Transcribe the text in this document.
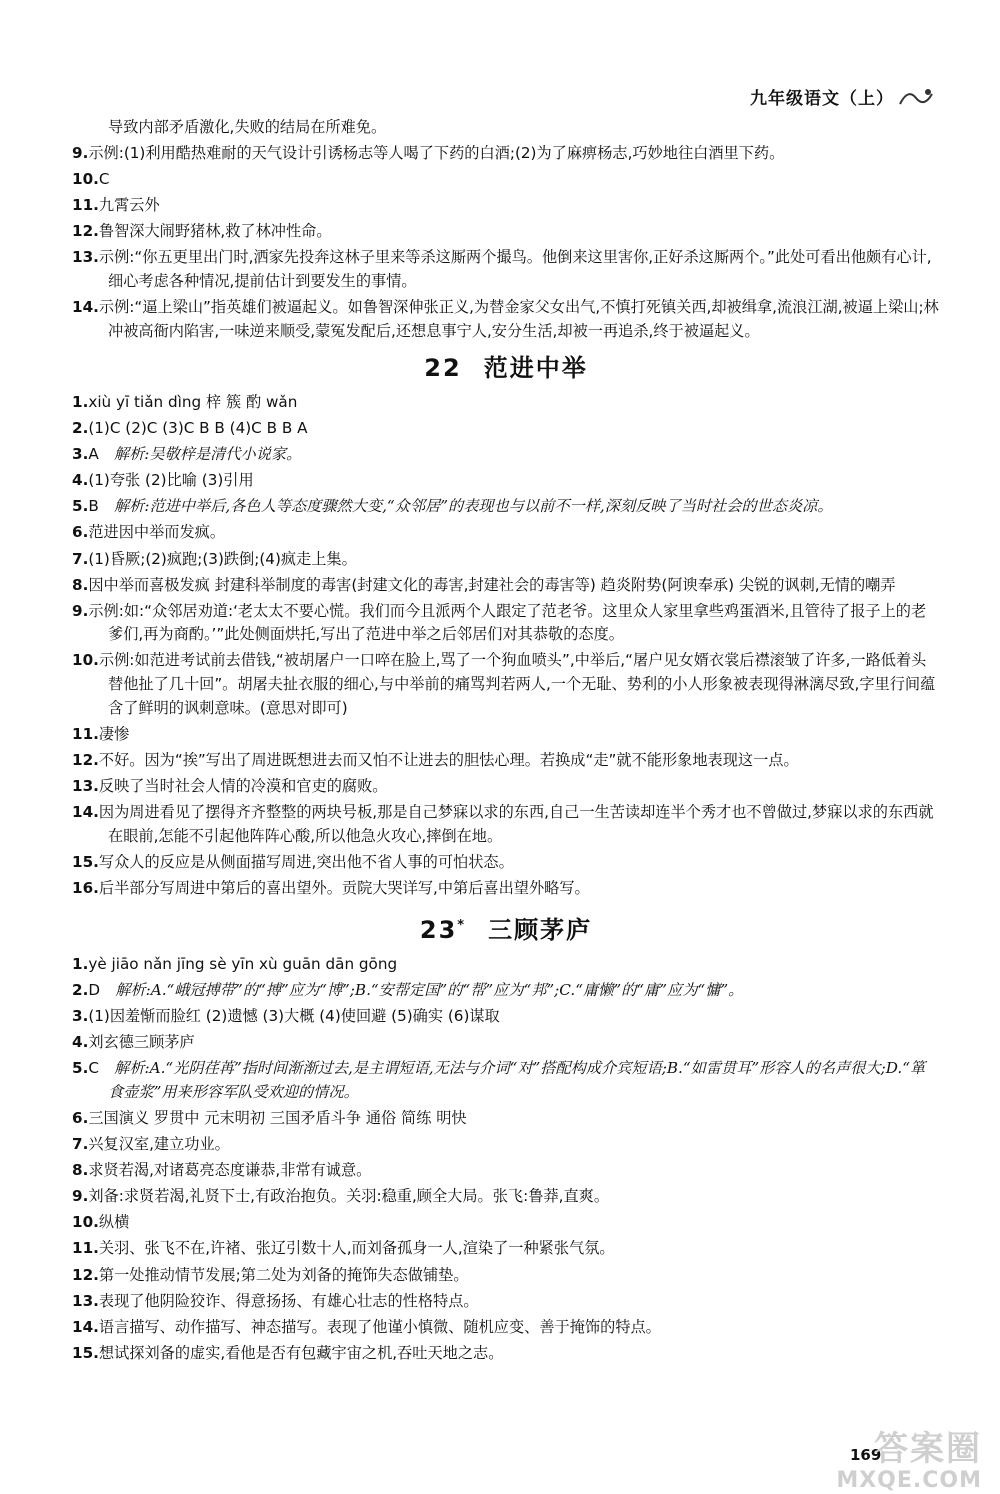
九年级语文（上）
导致内部矛盾激化,失败的结局在所难免。
9.示例:(1)利用酷热难耐的天气设计引诱杨志等人喝了下药的白酒;(2)为了麻痹杨志,巧妙地往白酒里下药。
10.C
11.九霄云外
12.鲁智深大闹野猪林,救了林冲性命。
13.示例:“你五更里出门时,洒家先投奔这林子里来等杀这厮两个撮鸟。他倒来这里害你,正好杀这厮两个。”此处可看出他颇有心计,细心考虑各种情况,提前估计到要发生的事情。
14.示例:“逼上梁山”指英雄们被逼起义。如鲁智深伸张正义,为替金家父女出气,不慎打死镇关西,却被缉拿,流浪江湖,被逼上梁山;林冲被高衙内陷害,一味逆来顺受,蒙冤发配后,还想息事宁人,安分生活,却被一再追杀,终于被逼起义。
22 范进中举
1.xiù yī tiǎn dìng 梓 簇 酌 wǎn
2.(1)C (2)C (3)C B B (4)C B B A
3.A  解析:吴敬梓是清代小说家。
4.(1)夸张 (2)比喻 (3)引用
5.B  解析:范进中举后,各色人等态度骤然大变,“众邻居”的表现也与以前不一样,深刻反映了当时社会的世态炎凉。
6.范进因中举而发疯。
7.(1)昏厥;(2)疯跑;(3)跌倒;(4)疯走上集。
8.因中举而喜极发疯 封建科举制度的毒害(封建文化的毒害,封建社会的毒害等) 趋炎附势(阿谀奉承) 尖锐的讽刺,无情的嘲弄
9.示例:如:“众邻居劝道:‘老太太不要心慌。我们而今且派两个人跟定了范老爷。这里众人家里拿些鸡蛋酒米,且管待了报子上的老爹们,再为商酌。’”此处侧面烘托,写出了范进中举之后邻居们对其恭敬的态度。
10.示例:如范进考试前去借钱,“被胡屠户一口啐在脸上,骂了一个狗血喷头”,中举后,“屠户见女婿衣裳后襟滚皱了许多,一路低着头替他扯了几十回”。胡屠夫扯衣服的细心,与中举前的痛骂判若两人,一个无耻、势利的小人形象被表现得淋漓尽致,字里行间蕴含了鲜明的讽刺意味。(意思对即可)
11.凄惨
12.不好。因为“挨”写出了周进既想进去而又怕不让进去的胆怯心理。若换成“走”就不能形象地表现这一点。
13.反映了当时社会人情的冷漠和官吏的腐败。
14.因为周进看见了摆得齐齐整整的两块号板,那是自己梦寐以求的东西,自己一生苦读却连半个秀才也不曾做过,梦寐以求的东西就在眼前,怎能不引起他阵阵心酸,所以他急火攻心,摔倒在地。
15.写众人的反应是从侧面描写周进,突出他不省人事的可怕状态。
16.后半部分写周进中第后的喜出望外。贡院大哭详写,中第后喜出望外略写。
23* 三顾茅庐
1.yè jiāo nǎn jīng sè yīn xù guān dān gōng
2.D  解析:A.“峨冠搏带”的“搏”应为“博”;B.“安帮定国”的“帮”应为“邦”;C.“庸懒”的“庸”应为“慵”。
3.(1)因羞惭而脸红 (2)遗憾 (3)大概 (4)使回避 (5)确实 (6)谋取
4.刘玄德三顾茅庐
5.C  解析:A.“光阴荏苒”指时间渐渐过去,是主谓短语,无法与介词“对”搭配构成介宾短语;B.“如雷贯耳”形容人的名声很大;D.“箪食壶浆”用来形容军队受欢迎的情况。
6.三国演义 罗贯中 元末明初 三国矛盾斗争 通俗 简练 明快
7.兴复汉室,建立功业。
8.求贤若渴,对诸葛亮态度谦恭,非常有诚意。
9.刘备:求贤若渴,礼贤下士,有政治抱负。关羽:稳重,顾全大局。张飞:鲁莽,直爽。
10.纵横
11.关羽、张飞不在,许褚、张辽引数十人,而刘备孤身一人,渲染了一种紧张气氛。
12.第一处推动情节发展;第二处为刘备的掩饰失态做铺垫。
13.表现了他阴险狡诈、得意扬扬、有雄心壮志的性格特点。
14.语言描写、动作描写、神态描写。表现了他谨小慎微、随机应变、善于掩饰的特点。
15.想试探刘备的虚实,看他是否有包藏宇宙之机,吞吐天地之志。
169
答案圈
MXQE.COM
